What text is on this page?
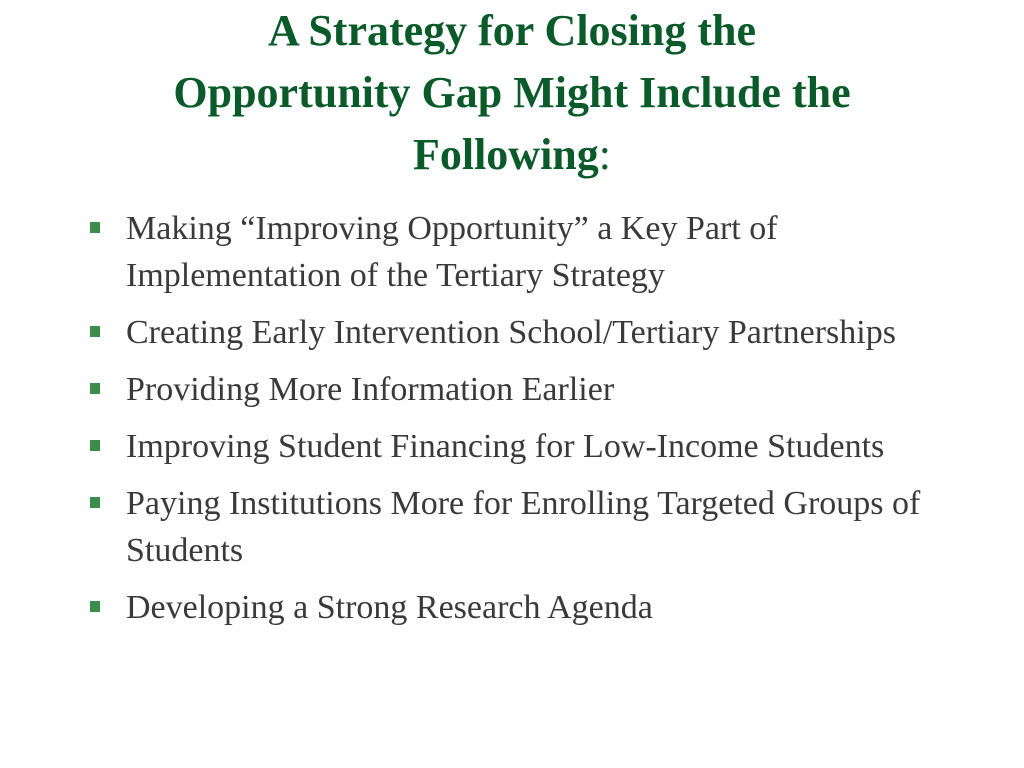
A Strategy for Closing the
Opportunity Gap Might Include the
Following:
Making “Improving Opportunity” a Key Part of Implementation of the Tertiary Strategy
Creating Early Intervention School/Tertiary Partnerships
Providing More Information Earlier
Improving Student Financing for Low-Income Students
Paying Institutions More for Enrolling Targeted Groups of Students
Developing a Strong Research Agenda
